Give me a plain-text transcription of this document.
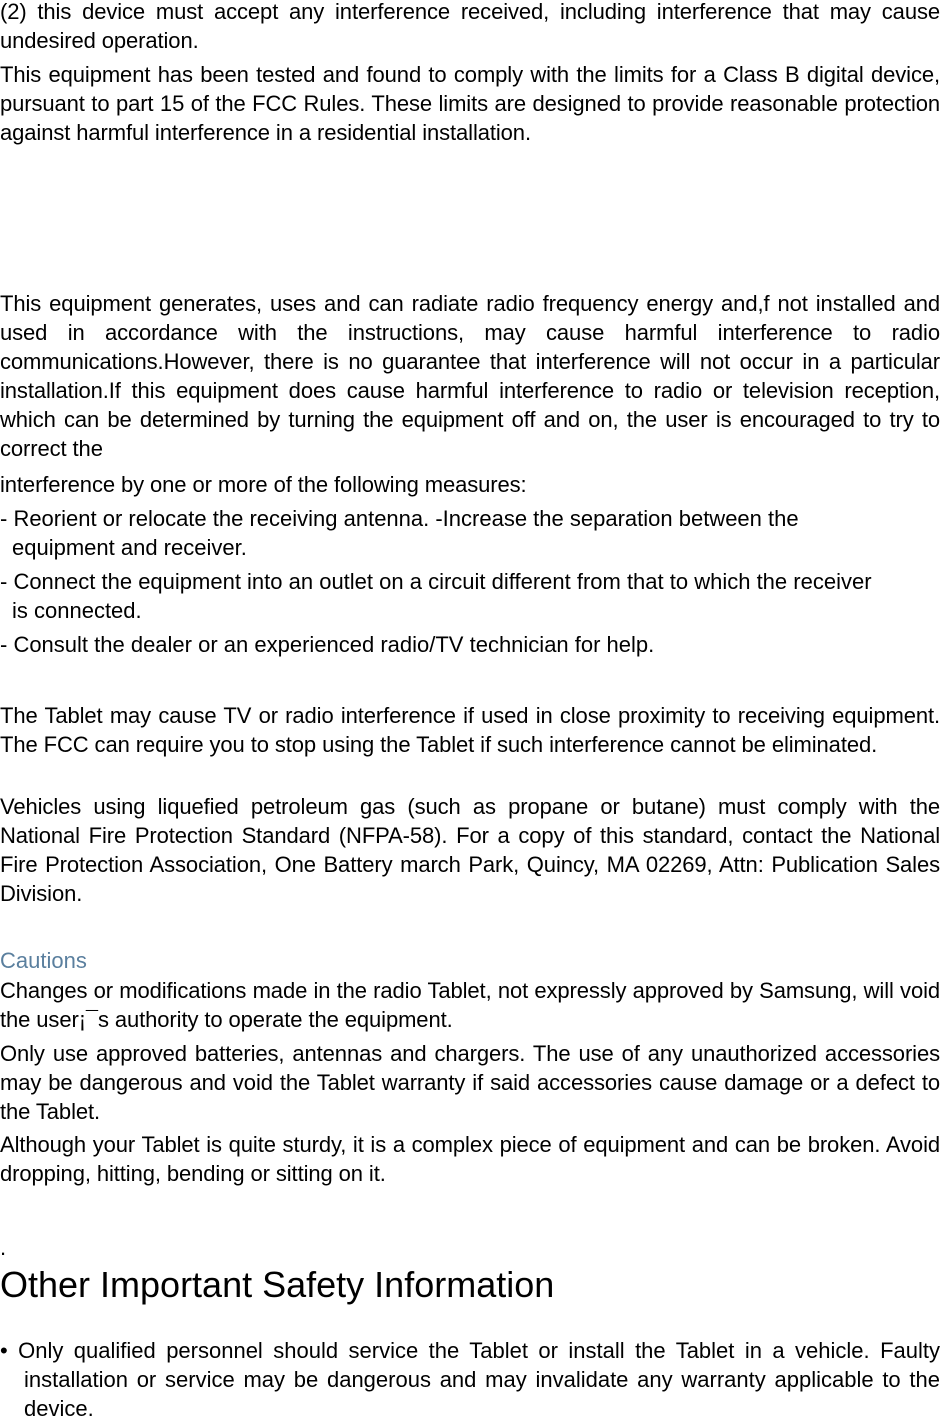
(2) this device must accept any interference received, including interference that may cause undesired operation.

This equipment has been tested and found to comply with the limits for a Class B digital device, pursuant to part 15 of the FCC Rules. These limits are designed to provide reasonable protection against harmful interference in a residential installation.

This equipment generates, uses and can radiate radio frequency energy and,f not installed and used in accordance with the instructions, may cause harmful interference to radio communications.However, there is no guarantee that interference will not occur in a particular installation.If this equipment does cause harmful interference to radio or television reception, which can be determined by turning the equipment off and on, the user is encouraged to try to correct the

interference by one or more of the following measures:

- Reorient or relocate the receiving antenna. -Increase the separation between the equipment and receiver.

- Connect the equipment into an outlet on a circuit different from that to which the receiver is connected.

- Consult the dealer or an experienced radio/TV technician for help.

The Tablet may cause TV or radio interference if used in close proximity to receiving equipment. The FCC can require you to stop using the Tablet if such interference cannot be eliminated.

Vehicles using liquefied petroleum gas (such as propane or butane) must comply with the National Fire Protection Standard (NFPA-58). For a copy of this standard, contact the National Fire Protection Association, One Battery march Park, Quincy, MA 02269, Attn: Publication Sales Division.

Cautions

Changes or modifications made in the radio Tablet, not expressly approved by Samsung, will void the user¡¯s authority to operate the equipment.

Only use approved batteries, antennas and chargers. The use of any unauthorized accessories may be dangerous and void the Tablet warranty if said accessories cause damage or a defect to the Tablet.

Although your Tablet is quite sturdy, it is a complex piece of equipment and can be broken. Avoid dropping, hitting, bending or sitting on it.

.

Other Important Safety Information

• Only qualified personnel should service the Tablet or install the Tablet in a vehicle. Faulty installation or service may be dangerous and may invalidate any warranty applicable to the device.
